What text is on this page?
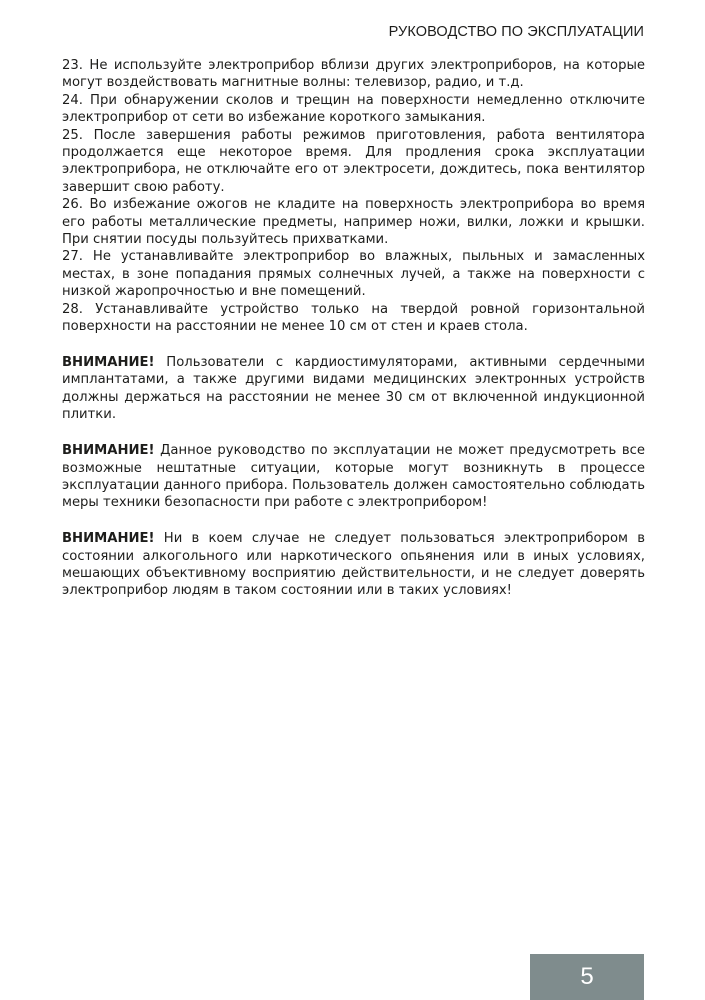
РУКОВОДСТВО ПО ЭКСПЛУАТАЦИИ

23. Не используйте электроприбор вблизи других электроприборов, на которые могут воздействовать магнитные волны: телевизор, радио, и т.д.

24. При обнаружении сколов и трещин на поверхности немедленно отключите электроприбор от сети во избежание короткого замыкания.

25. После завершения работы режимов приготовления, работа вентилятора продолжается еще некоторое время. Для продления срока эксплуатации электроприбора, не отключайте его от электросети, дождитесь, пока вентилятор завершит свою работу.

26. Во избежание ожогов не кладите на поверхность электроприбора во время его работы металлические предметы, например ножи, вилки, ложки и крышки. При снятии посуды пользуйтесь прихватками.

27. Не устанавливайте электроприбор во влажных, пыльных и замасленных местах, в зоне попадания прямых солнечных лучей, а также на поверхности с низкой жаропрочностью и вне помещений.

28. Устанавливайте устройство только на твердой ровной горизонтальной поверхности на расстоянии не менее 10 см от стен и краев стола.

ВНИМАНИЕ! Пользователи с кардиостимуляторами, активными сердечными имплантатами, а также другими видами медицинских электронных устройств должны держаться на расстоянии не менее 30 см от включенной индукционной плитки.

ВНИМАНИЕ! Данное руководство по эксплуатации не может предусмотреть все возможные нештатные ситуации, которые могут возникнуть в процессе эксплуатации данного прибора. Пользователь должен самостоятельно соблюдать меры техники безопасности при работе с электроприбором!

ВНИМАНИЕ! Ни в коем случае не следует пользоваться электроприбором в состоянии алкогольного или наркотического опьянения или в иных условиях, мешающих объективному восприятию действительности, и не следует доверять электроприбор людям в таком состоянии или в таких условиях!

5
